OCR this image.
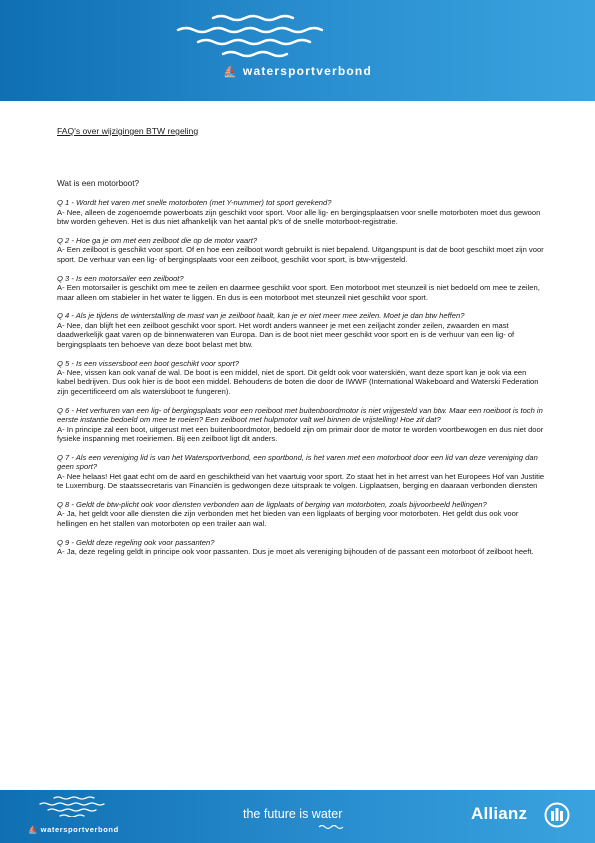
⛵ watersportverbond
FAQ's over wijzigingen BTW regeling
Wat is een motorboot?
Q 1 - Wordt het varen met snelle motorboten (met Y-nummer) tot sport gerekend?
A- Nee, alleen de zogenoemde powerboats zijn geschikt voor sport. Voor alle lig- en bergingsplaatsen voor snelle motorboten moet dus gewoon btw worden geheven. Het is dus niet afhankelijk van het aantal pk's of de snelle motorboot-registratie.
Q 2 - Hoe ga je om met een zeilboot die op de motor vaart?
A- Een zeilboot is geschikt voor sport. Of en hoe een zeilboot wordt gebruikt is niet bepalend. Uitgangspunt is dat de boot geschikt moet zijn voor sport. De verhuur van een lig- of bergingsplaats voor een zeilboot, geschikt voor sport, is btw-vrijgesteld.
Q 3 - Is een motorsailer een zeilboot?
A- Een motorsailer is geschikt om mee te zeilen en daarmee geschikt voor sport. Een motorboot met steunzeil is niet bedoeld om mee te zeilen, maar alleen om stabieler in het water te liggen. En dus is een motorboot met steunzeil niet geschikt voor sport.
Q 4 - Als je tijdens de winterstalling de mast van je zeilboot haalt, kan je er niet meer mee zeilen. Moet je dan btw heffen?
A- Nee, dan blijft het een zeilboot geschikt voor sport. Het wordt anders wanneer je met een zeiljacht zonder zeilen, zwaarden en mast daadwerkelijk gaat varen op de binnenwateren van Europa. Dan is de boot niet meer geschikt voor sport en is de verhuur van een lig- of bergingsplaats ten behoeve van deze boot belast met btw.
Q 5 - Is een vissersboot een boot geschikt voor sport?
A- Nee, vissen kan ook vanaf de wal. De boot is een middel, niet de sport. Dit geldt ook voor waterskiën, want deze sport kan je ook via een kabel bedrijven. Dus ook hier is de boot een middel. Behoudens de boten die door de IWWF (International Wakeboard and Waterski Federation zijn gecertificeerd om als waterskiboot te fungeren).
Q 6 - Het verhuren van een lig- of bergingsplaats voor een roeiboot met buitenboordmotor is niet vrijgesteld van btw. Maar een roeiboot is toch in eerste instantie bedoeld om mee te roeien? Een zeilboot met hulpmotor valt wel binnen de vrijstelling! Hoe zit dat?
A- In principe zal een boot, uitgerust met een buitenboordmotor, bedoeld zijn om primair door de motor te worden voortbewogen en dus niet door fysieke inspanning met roeiriemen. Bij een zeilboot ligt dit anders.
Q 7 - Als een vereniging lid is van het Watersportverbond, een sportbond, is het varen met een motorboot door een lid van deze vereniging dan geen sport?
A- Nee helaas! Het gaat echt om de aard en geschiktheid van het vaartuig voor sport. Zo staat het in het arrest van het Europees Hof van Justitie te Luxemburg. De staatssecretaris van Financiën is gedwongen deze uitspraak te volgen. Ligplaatsen, berging en daaraan verbonden diensten
Q 8 - Geldt de btw-plicht ook voor diensten verbonden aan de ligplaats of berging van motorboten, zoals bijvoorbeeld hellingen?
A- Ja, het geldt voor alle diensten die zijn verbonden met het bieden van een ligplaats of berging voor motorboten. Het geldt dus ook voor hellingen en het stallen van motorboten op een trailer aan wal.
Q 9 - Geldt deze regeling ook voor passanten?
A- Ja, deze regeling geldt in principe ook voor passanten. Dus je moet als vereniging bijhouden of de passant een motorboot óf zeilboot heeft.
⛵ watersportverbond
the future is water	Allianz
